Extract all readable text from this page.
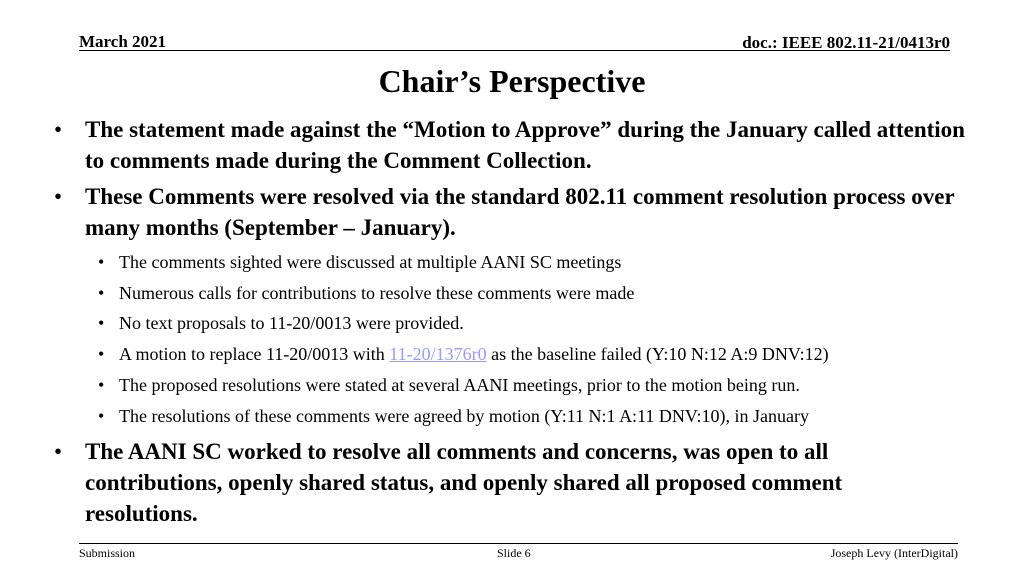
March 2021	doc.: IEEE 802.11-21/0413r0
Chair’s Perspective
• The statement made against the “Motion to Approve” during the January called attention to comments made during the Comment Collection.
• These Comments were resolved via the standard 802.11 comment resolution process over many months (September – January).
• The comments sighted were discussed at multiple AANI SC meetings
• Numerous calls for contributions to resolve these comments were made
• No text proposals to 11-20/0013 were provided.
• A motion to replace 11-20/0013 with 11-20/1376r0 as the baseline failed (Y:10 N:12 A:9 DNV:12)
• The proposed resolutions were stated at several AANI meetings, prior to the motion being run.
• The resolutions of these comments were agreed by motion (Y:11 N:1 A:11 DNV:10), in January
• The AANI SC worked to resolve all comments and concerns, was open to all contributions, openly shared status, and openly shared all proposed comment resolutions.
Submission	Slide 6	Joseph Levy (InterDigital)
